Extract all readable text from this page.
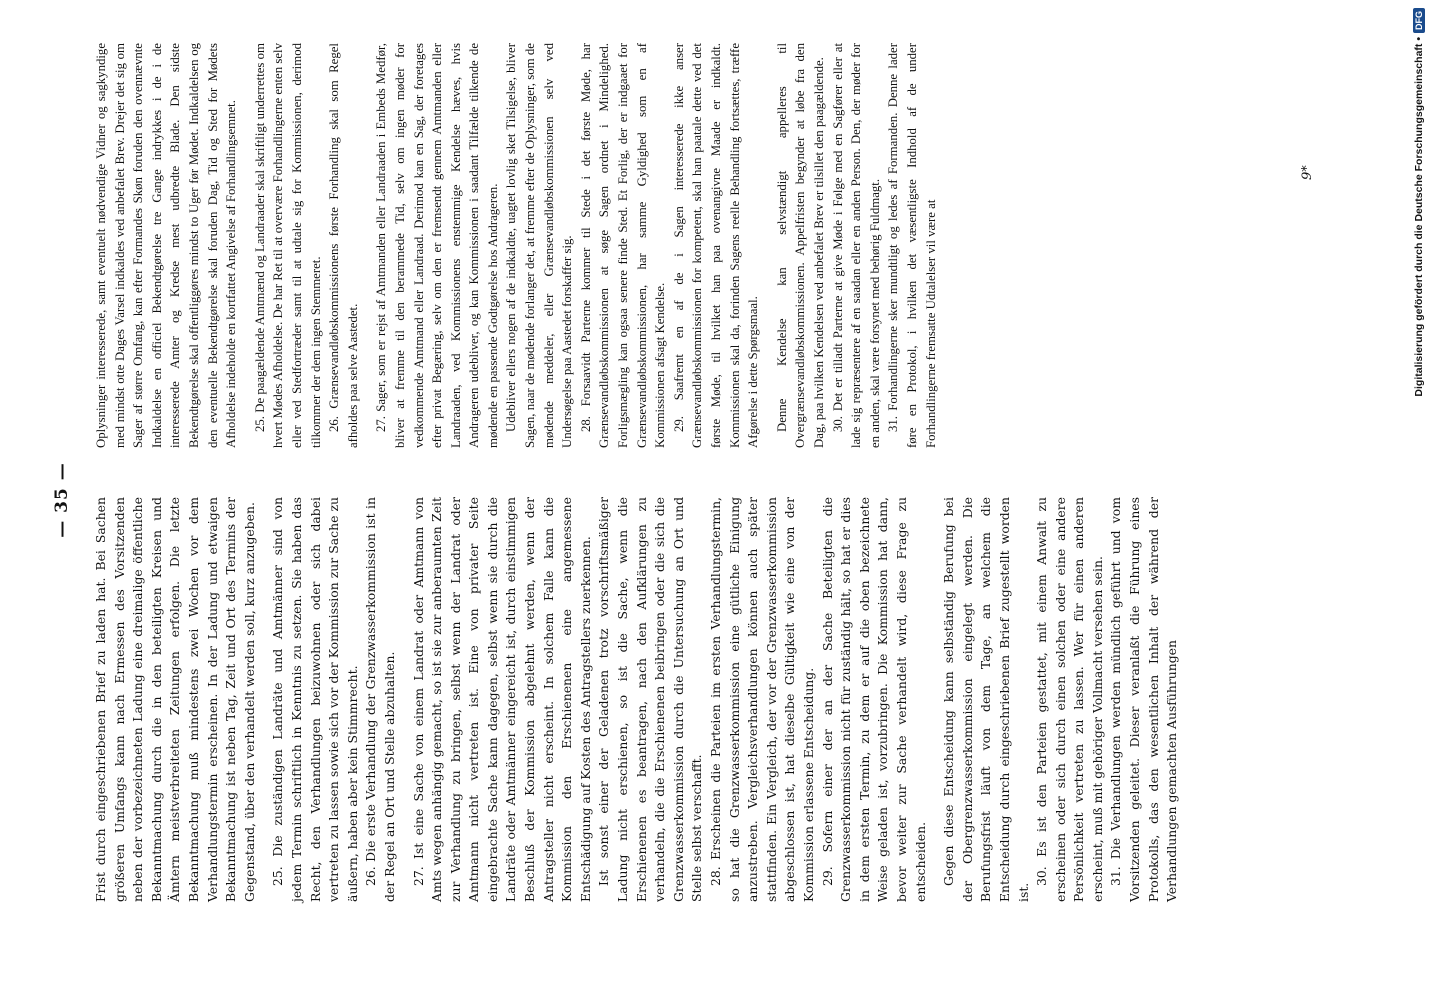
— 35 — Frist durch eingeschriebenen Brief zu laden hat. Bei Sachen größeren Umfangs kann nach Ermessen des Vorsitzenden neben der vorbezeichneten Ladung eine dreimalige öffentliche Bekanntmachung durch die in den beteiligten Kreisen und Ämtern meistverbreiteten Zeitungen erfolgen. Die letzte Bekanntmachung muß mindestens zwei Wochen vor dem Verhandlungstermin erscheinen. In der Ladung und etwaigen Bekanntmachung ist neben Tag, Zeit und Ort des Termins der Gegenstand, über den verhandelt werden soll, kurz anzugeben. 25. Die zuständigen Landräte und Amtmänner sind von jedem Termin schriftlich in Kenntnis zu setzen. Sie haben das Recht, den Verhandlungen beizuwohnen oder sich dabei vertreten zu lassen sowie sich vor der Kommission zur Sache zu äußern, haben aber kein Stimmrecht. 26. Die erste Verhandlung der Grenzwasserkommission ist in der Regel an Ort und Stelle abzuhalten. 27. Ist eine Sache von einem Landrat oder Amtmann von Amts wegen anhängig gemacht, so ist sie zur anberaumten Zeit zur Verhandlung zu bringen, selbst wenn der Landrat oder Amtmann nicht vertreten ist. Eine von privater Seite eingebrachte Sache kann dagegen, selbst wenn sie durch die Landräte oder Amtmänner eingereicht ist, durch einstimmigen Beschluß der Kommission abgelehnt werden, wenn der Antragsteller nicht erscheint. In solchem Falle kann die Kommission den Erschienenen eine angemessene Entschädigung auf Kosten des Antragstellers zuerkennen. Ist sonst einer der Geladenen trotz vorschriftsmäßiger Ladung nicht erschienen, so ist die Sache, wenn die Erschienenen es beantragen, nach den Aufklärungen zu verhandeln, die die Erschienenen beibringen oder die sich die Grenzwasserkommission durch die Untersuchung an Ort und Stelle selbst verschafft. 28. Erscheinen die Parteien im ersten Verhandlungstermin, so hat die Grenzwasserkommission eine gütliche Einigung anzustreben. Vergleichsverhandlungen können auch später stattfinden. Ein Vergleich, der vor der Grenzwasserkommission abgeschlossen ist, hat dieselbe Gültigkeit wie eine von der Kommission erlassene Entscheidung. 29. Sofern einer der an der Sache Beteiligten die Grenzwasserkommission nicht für zuständig hält, so hat er dies in dem ersten Termin, zu dem er auf die oben bezeichnete Weise geladen ist, vorzubringen. Die Kommission hat dann, bevor weiter zur Sache verhandelt wird, diese Frage zu entscheiden. Gegen diese Entscheidung kann selbständig Berufung bei der Obergrenzwasserkommission eingelegt werden. Die Berufungsfrist läuft von dem Tage, an welchem die Entscheidung durch eingeschriebenen Brief zugestellt worden ist.

30. Es ist den Parteien gestattet, mit einem Anwalt zu erscheinen oder sich durch einen solchen oder eine andere Persönlichkeit vertreten zu lassen. Wer für einen anderen erscheint, muß mit gehöriger Vollmacht versehen sein. 31. Die Verhandlungen werden mündlich geführt und vom Vorsitzenden geleitet. Dieser veranlaßt die Führung eines Protokolls, das den wesentlichen Inhalt der während der Verhandlungen gemachten Ausführungen

Oplysninger interesserede, samt eventuelt nødvendige Vidner og sagkyndige med mindst otte Dages Varsel indkaldes ved anbefalet Brev. Drejer det sig om Sager af større Omfang, kan efter Formandes Skøn foruden den ovennævnte Indkaldelse en officiel Bekendtgørelse tre Gange indrykkes i de i de interesserede Amter og Kredse mest udbredte Blade. Den sidste Bekendtgørelse skal offentliggøres mindst to Uger før Mødet. Indkaldelsen og den eventuelle Bekendtgørelse skal foruden Dag, Tid og Sted for Mødets Afholdelse indeholde en kortfattet Angivelse af Forhandlingsemnet. 25. De paagældende Amtmænd og Landraader skal skriftligt underrettes om hvert Mødes Afholdelse. De har Ret til at overvære Forhandlingerne enten selv eller ved Stedfortræder samt til at udtale sig for Kommissionen, derimod tilkommer der dem ingen Stemmeret. 26. Grænsevandløbskommissionens første Forhandling skal som Regel afholdes paa selve Aastedet. 27. Sager, som er rejst af Amtmanden eller Landraaden i Embeds Medfør, bliver at fremme til den berammede Tid, selv om ingen møder for vedkommende Amtmand eller Landraad. Derimod kan en Sag, der foretages efter privat Begæring, selv om den er fremsendt gennem Amtmanden eller Landraaden, ved Kommissionens enstemmige Kendelse hæves, hvis Andrageren udebliver, og kan Kommissionen i saadant Tilfælde tilkende de mødende en passende Godtgørelse hos Andrageren. Udebliver ellers nogen af de indkaldte, uagtet lovlig sket Tilsigelse, bliver Sagen, naar de mødende forlanger det, at fremme efter de Oplysninger, som de mødende meddeler, eller Grænsevandløbskommissionen selv ved Undersøgelse paa Aastedet forskaffer sig. 28. Forsaavidt Parterne kommer til Stede i det første Møde, har Grænsevandløbskommissionen at søge Sagen ordnet i Mindelighed. Forligsmægling kan ogsaa senere finde Sted. Et Forlig, der er indgaaet for Grænsevandløbskommissionen, har samme Gyldighed som en af Kommissionen afsagt Kendelse. 29. Saafremt en af de i Sagen interesserede ikke anser Grænsevandløbskommissionen for kompetent, skal han paatale dette ved det første Møde, til hvilket han paa ovenangivne Maade er indkaldt. Kommissionen skal da, forinden Sagens reelle Behandling fortsættes, træffe Afgørelse i dette Spørgsmaal. Denne Kendelse kan selvstændigt appelleres til Overgrænsevandløbskommissionen. Appelfristen begynder at løbe fra den Dag, paa hvilken Kendelsen ved anbefalet Brev er tilsillet den paagældende. 30. Det er tilladt Parterne at give Møde i Følge med en Sagfører eller at lade sig repræsentere af en saadan eller en anden Person. Den, der møder for en anden, skal være forsynet med behørig Fuldmagt. 31. Forhandlingerne sker mundtligt og ledes af Formanden. Denne lader føre en Protokol, i hvilken det væsentligste Indhold af de under Forhandlingerne fremsatte Udtalelser vil være at

9*	Digitalisierung gefördert durch die Deutsche Forschungsgemeinschaft •
DFG
